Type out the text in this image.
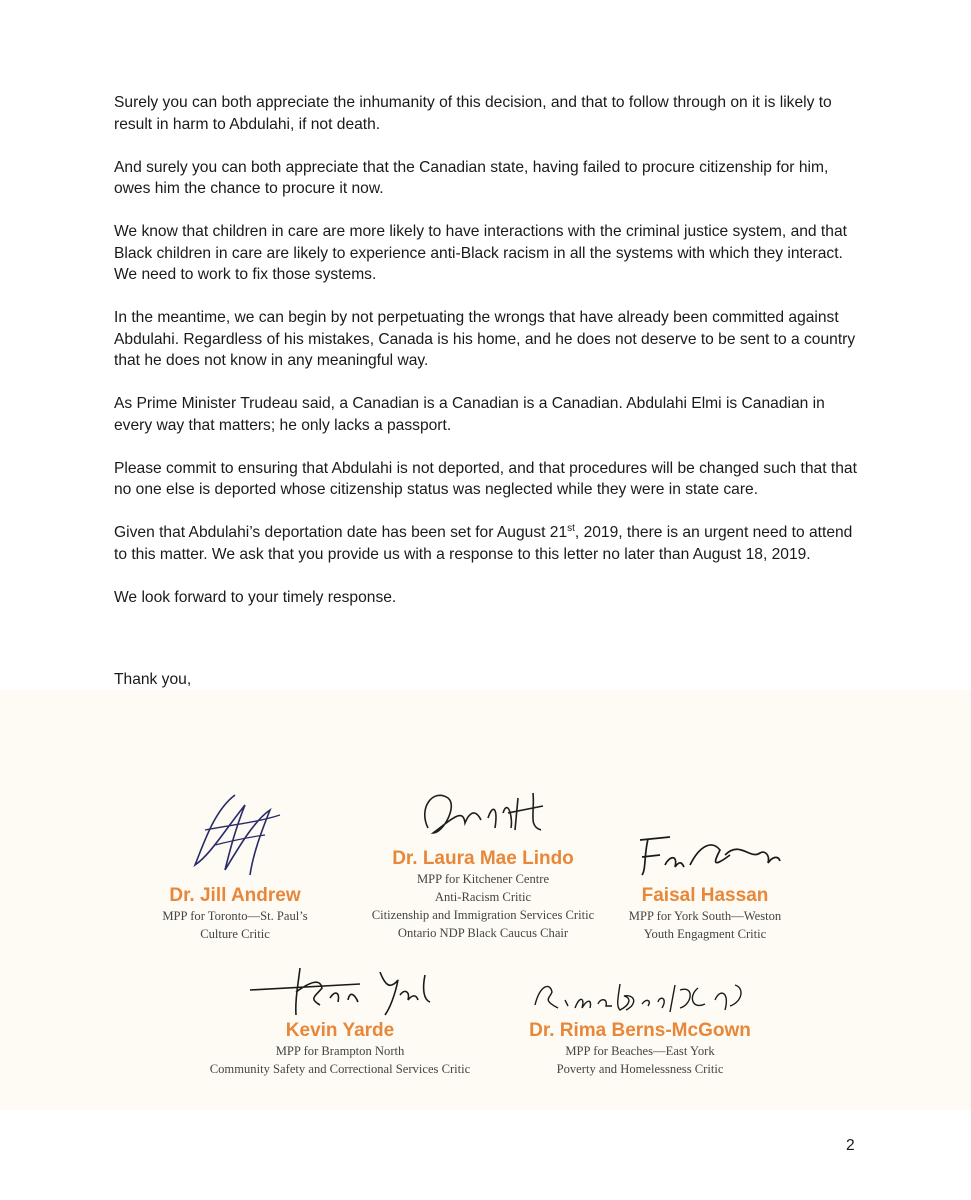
Surely you can both appreciate the inhumanity of this decision, and that to follow through on it is likely to result in harm to Abdulahi, if not death.

And surely you can both appreciate that the Canadian state, having failed to procure citizenship for him, owes him the chance to procure it now.

We know that children in care are more likely to have interactions with the criminal justice system, and that Black children in care are likely to experience anti-Black racism in all the systems with which they interact. We need to work to fix those systems.

In the meantime, we can begin by not perpetuating the wrongs that have already been committed against Abdulahi. Regardless of his mistakes, Canada is his home, and he does not deserve to be sent to a country that he does not know in any meaningful way.

As Prime Minister Trudeau said, a Canadian is a Canadian is a Canadian. Abdulahi Elmi is Canadian in every way that matters; he only lacks a passport.

Please commit to ensuring that Abdulahi is not deported, and that procedures will be changed such that that no one else is deported whose citizenship status was neglected while they were in state care.

Given that Abdulahi’s deportation date has been set for August 21st, 2019, there is an urgent need to attend to this matter. We ask that you provide us with a response to this letter no later than August 18, 2019.

We look forward to your timely response.

Thank you,
Dr. Jill Andrew
MPP for Toronto—St. Paul’s
Culture Critic
Dr. Laura Mae Lindo
MPP for Kitchener Centre
Anti-Racism Critic
Citizenship and Immigration Services Critic
Ontario NDP Black Caucus Chair
Faisal Hassan
MPP for York South—Weston
Youth Engagment Critic
Kevin Yarde
MPP for Brampton North
Community Safety and Correctional Services Critic
Dr. Rima Berns-McGown
MPP for Beaches—East York
Poverty and Homelessness Critic
2
